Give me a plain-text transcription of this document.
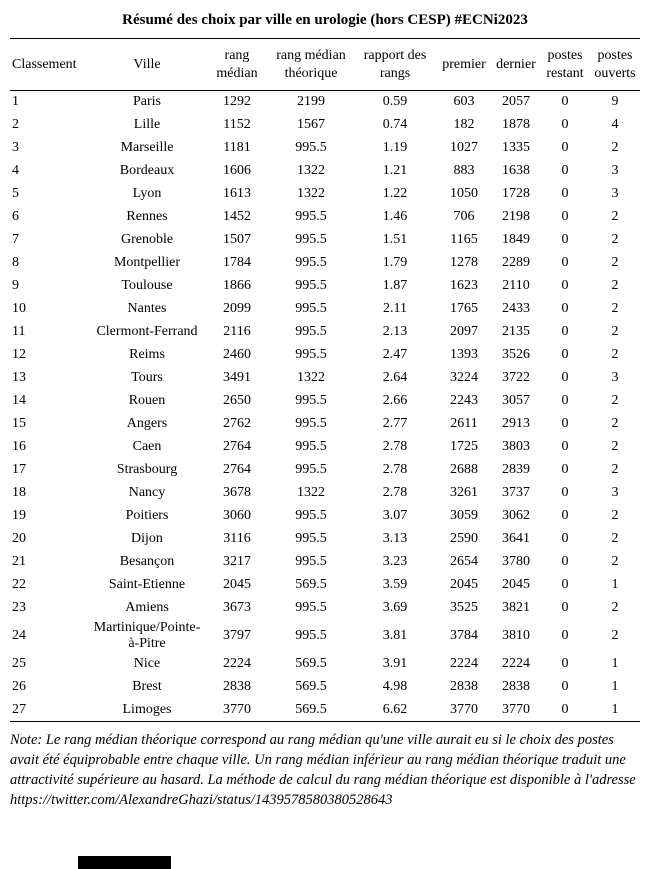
Résumé des choix par ville en urologie (hors CESP) #ECNi2023
Classement	Ville	rang médian	rang médian théorique	rapport des rangs	premier	dernier	postes restant	postes ouverts
1	Paris	1292	2199	0.59	603	2057	0	9
2	Lille	1152	1567	0.74	182	1878	0	4
3	Marseille	1181	995.5	1.19	1027	1335	0	2
4	Bordeaux	1606	1322	1.21	883	1638	0	3
5	Lyon	1613	1322	1.22	1050	1728	0	3
6	Rennes	1452	995.5	1.46	706	2198	0	2
7	Grenoble	1507	995.5	1.51	1165	1849	0	2
8	Montpellier	1784	995.5	1.79	1278	2289	0	2
9	Toulouse	1866	995.5	1.87	1623	2110	0	2
10	Nantes	2099	995.5	2.11	1765	2433	0	2
11	Clermont-Ferrand	2116	995.5	2.13	2097	2135	0	2
12	Reims	2460	995.5	2.47	1393	3526	0	2
13	Tours	3491	1322	2.64	3224	3722	0	3
14	Rouen	2650	995.5	2.66	2243	3057	0	2
15	Angers	2762	995.5	2.77	2611	2913	0	2
16	Caen	2764	995.5	2.78	1725	3803	0	2
17	Strasbourg	2764	995.5	2.78	2688	2839	0	2
18	Nancy	3678	1322	2.78	3261	3737	0	3
19	Poitiers	3060	995.5	3.07	3059	3062	0	2
20	Dijon	3116	995.5	3.13	2590	3641	0	2
21	Besançon	3217	995.5	3.23	2654	3780	0	2
22	Saint-Etienne	2045	569.5	3.59	2045	2045	0	1
23	Amiens	3673	995.5	3.69	3525	3821	0	2
24	Martinique/Pointe-à-Pitre	3797	995.5	3.81	3784	3810	0	2
25	Nice	2224	569.5	3.91	2224	2224	0	1
26	Brest	2838	569.5	4.98	2838	2838	0	1
27	Limoges	3770	569.5	6.62	3770	3770	0	1
Note: Le rang médian théorique correspond au rang médian qu'une ville aurait eu si le choix des postes avait été équiprobable entre chaque ville. Un rang médian inférieur au rang médian théorique traduit une attractivité supérieure au hasard. La méthode de calcul du rang médian théorique est disponible à l'adresse
https://twitter.com/AlexandreGhazi/status/1439578580380528643
